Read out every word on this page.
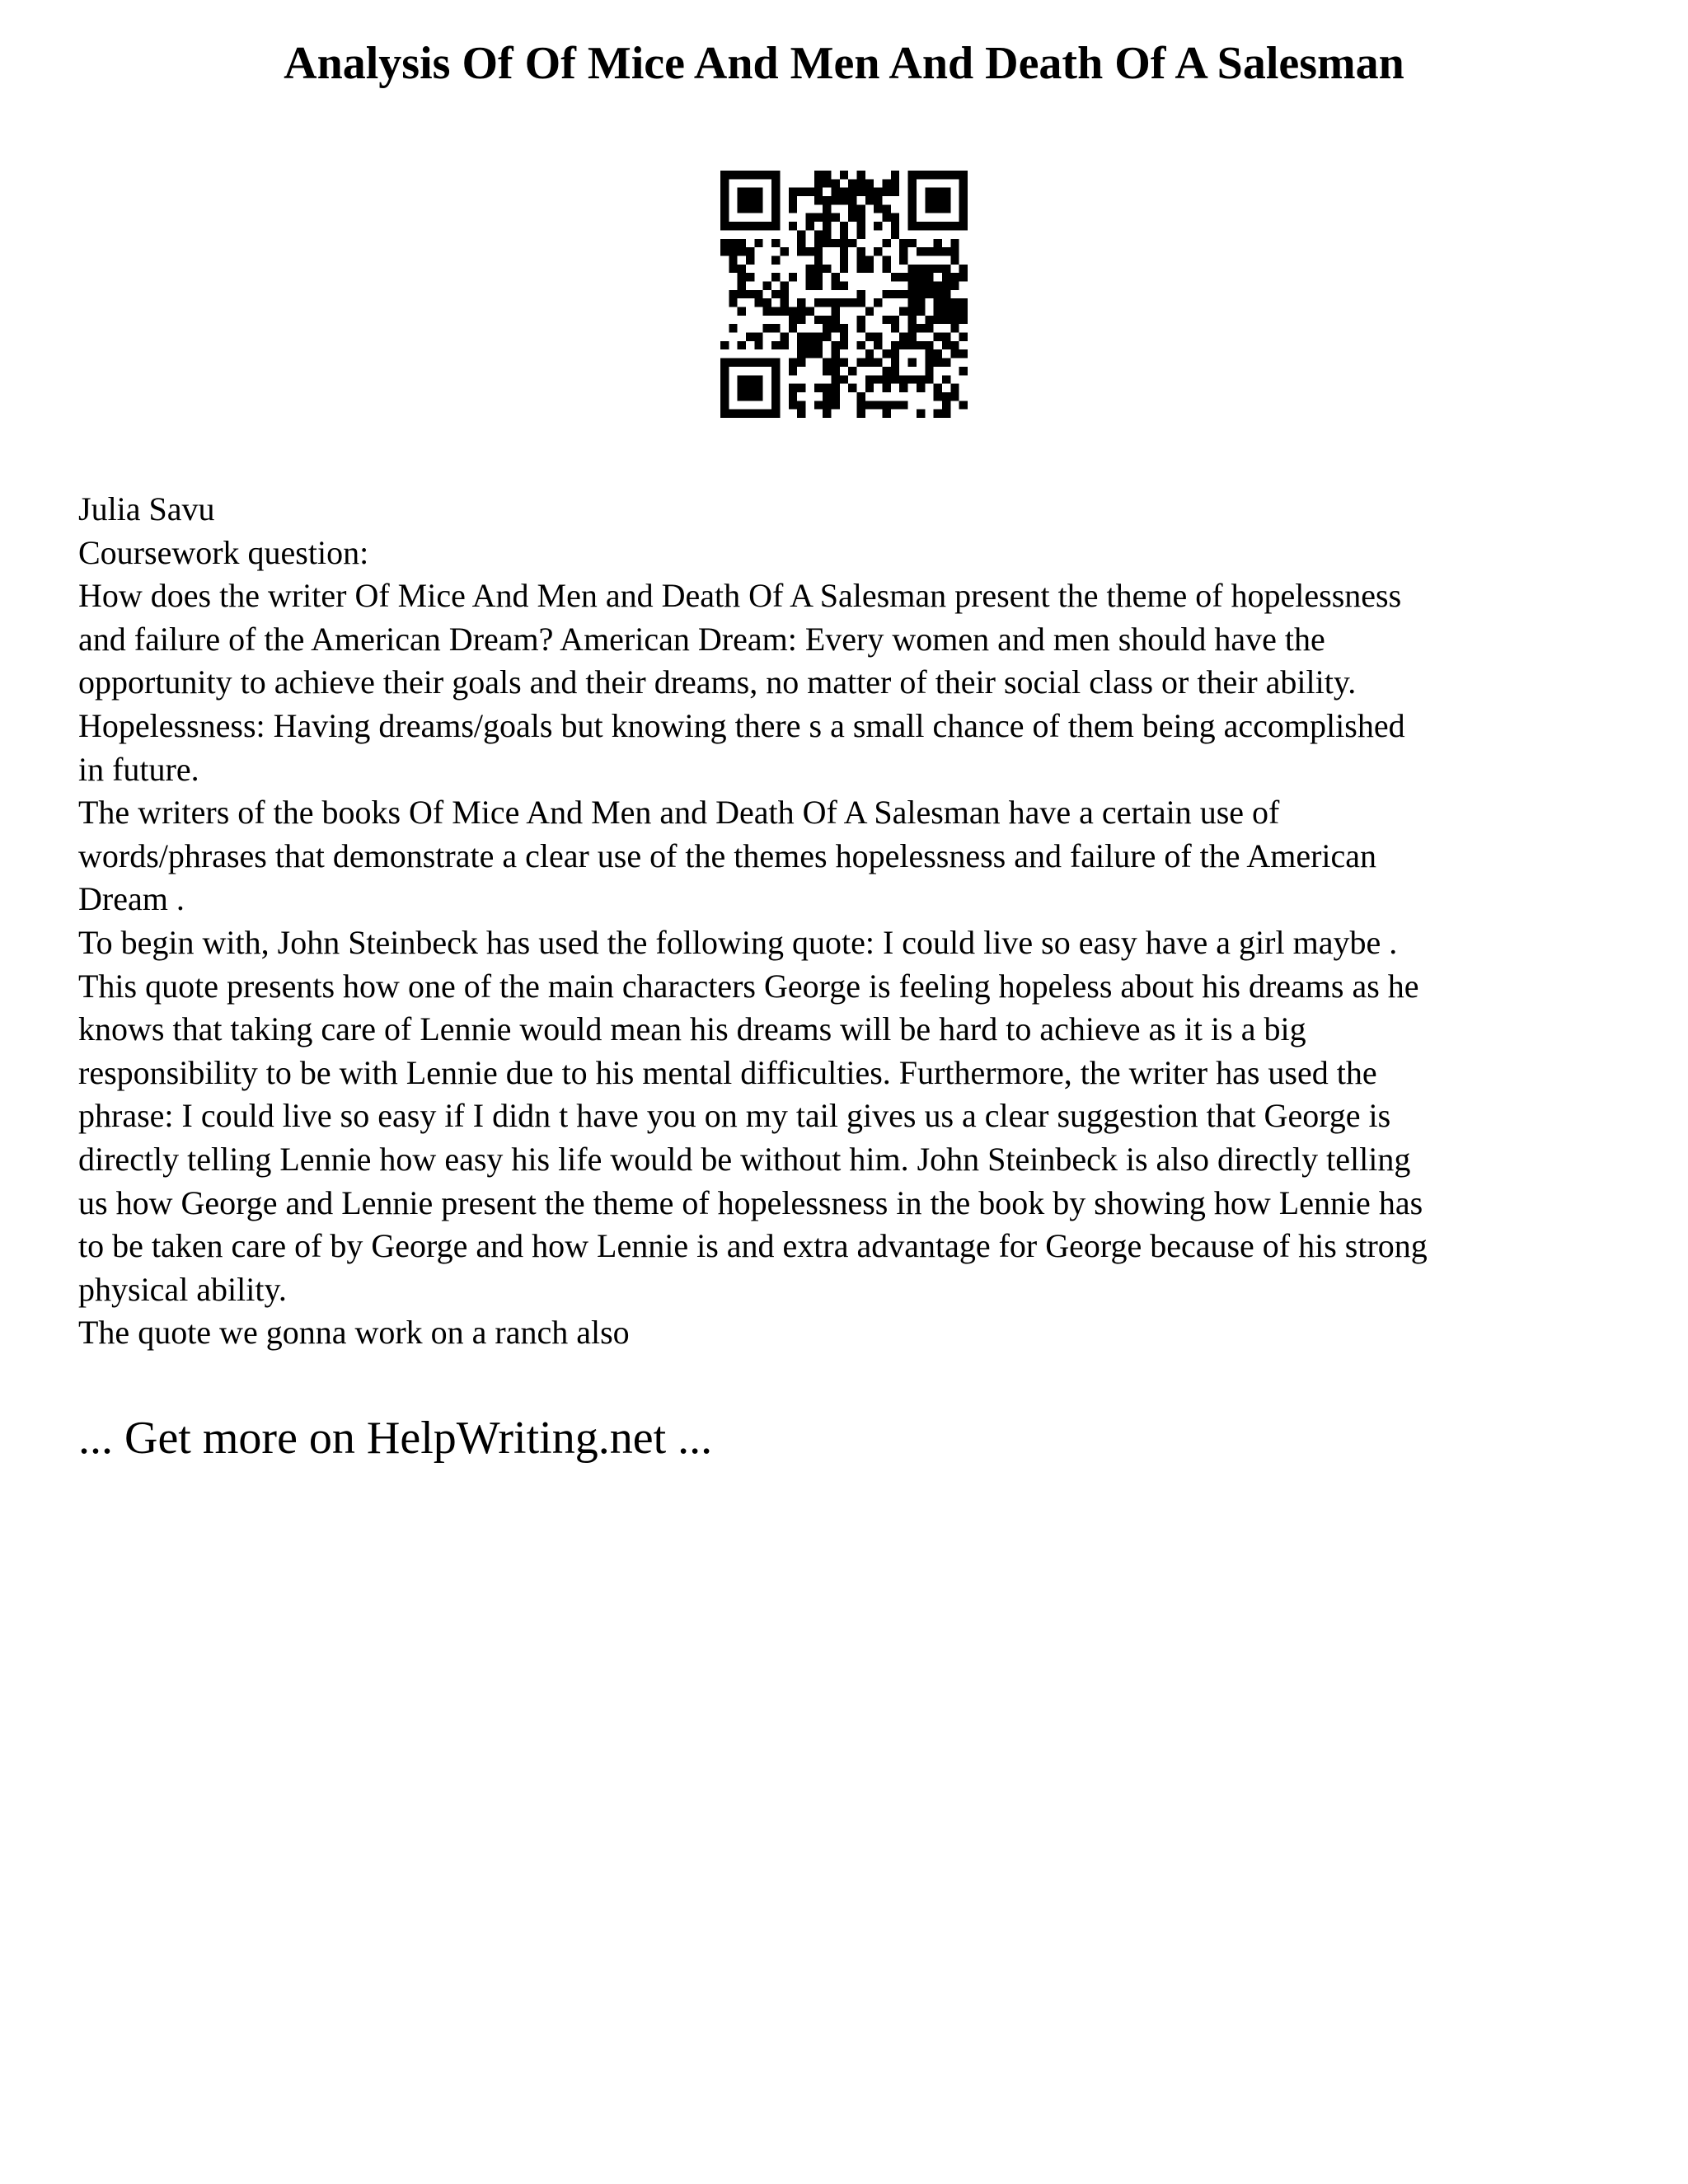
Analysis Of Of Mice And Men And Death Of A Salesman
Julia Savu
Coursework question:
How does the writer Of Mice And Men and Death Of A Salesman present the theme of hopelessness
and failure of the American Dream? American Dream: Every women and men should have the
opportunity to achieve their goals and their dreams, no matter of their social class or their ability.
Hopelessness: Having dreams/goals but knowing there s a small chance of them being accomplished
in future.
The writers of the books Of Mice And Men and Death Of A Salesman have a certain use of
words/phrases that demonstrate a clear use of the themes hopelessness and failure of the American
Dream .
To begin with, John Steinbeck has used the following quote: I could live so easy have a girl maybe .
This quote presents how one of the main characters George is feeling hopeless about his dreams as he
knows that taking care of Lennie would mean his dreams will be hard to achieve as it is a big
responsibility to be with Lennie due to his mental difficulties. Furthermore, the writer has used the
phrase: I could live so easy if I didn t have you on my tail gives us a clear suggestion that George is
directly telling Lennie how easy his life would be without him. John Steinbeck is also directly telling
us how George and Lennie present the theme of hopelessness in the book by showing how Lennie has
to be taken care of by George and how Lennie is and extra advantage for George because of his strong
physical ability.
The quote we gonna work on a ranch also
... Get more on HelpWriting.net ...
